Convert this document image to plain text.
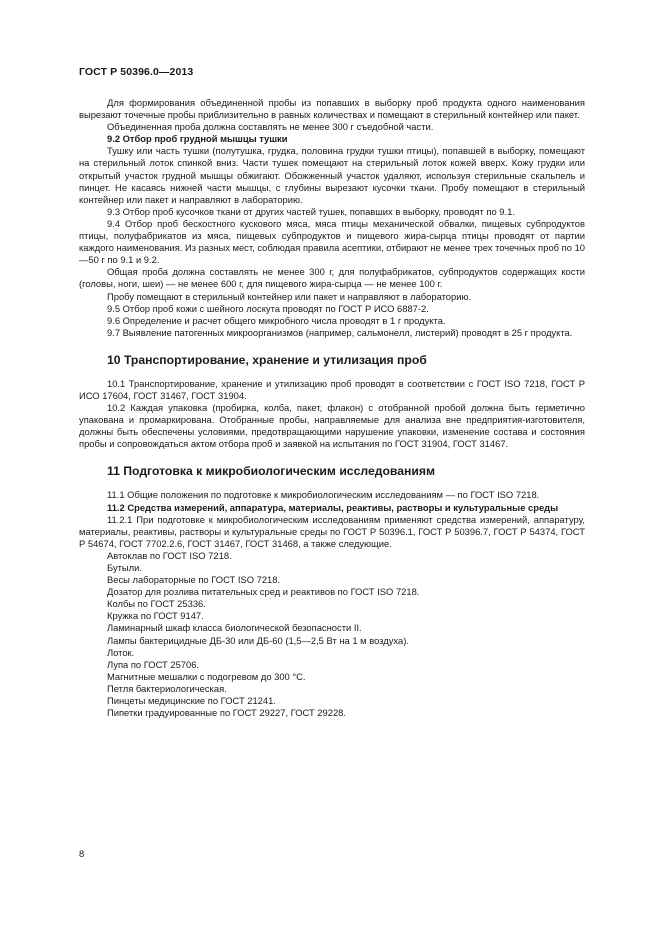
ГОСТ Р 50396.0—2013

Для формирования объединенной пробы из попавших в выборку проб продукта одного наименования вырезают точечные пробы приблизительно в равных количествах и помещают в стерильный контейнер или пакет.

Объединенная проба должна составлять не менее 300 г съедобной части.

9.2 Отбор проб грудной мышцы тушки

Тушку или часть тушки (полутушка, грудка, половина грудки тушки птицы), попавшей в выборку, помещают на стерильный лоток спинкой вниз. Части тушек помещают на стерильный лоток кожей вверх. Кожу грудки или открытый участок грудной мышцы обжигают. Обожженный участок удаляют, используя стерильные скальпель и пинцет. Не касаясь нижней части мышцы, с глубины вырезают кусочки ткани. Пробу помещают в стерильный контейнер или пакет и направляют в лабораторию.

9.3 Отбор проб кусочков ткани от других частей тушек, попавших в выборку, проводят по 9.1.

9.4 Отбор проб бескостного кускового мяса, мяса птицы механической обвалки, пищевых субпродуктов птицы, полуфабрикатов из мяса, пищевых субпродуктов и пищевого жира-сырца птицы проводят от партии каждого наименования. Из разных мест, соблюдая правила асептики, отбирают не менее трех точечных проб по 10—50 г по 9.1 и 9.2.

Общая проба должна составлять не менее 300 г, для полуфабрикатов, субпродуктов содержащих кости (головы, ноги, шеи) — не менее 600 г, для пищевого жира-сырца — не менее 100 г.

Пробу помещают в стерильный контейнер или пакет и направляют в лабораторию.

9.5 Отбор проб кожи с шейного лоскута проводят по ГОСТ Р ИСО 6887-2.

9.6 Определение и расчет общего микробного числа проводят в 1 г продукта.

9.7 Выявление патогенных микроорганизмов (например, сальмонелл, листерий) проводят в 25 г продукта.

10 Транспортирование, хранение и утилизация проб

10.1 Транспортирование, хранение и утилизацию проб проводят в соответствии с ГОСТ ISO 7218, ГОСТ Р ИСО 17604, ГОСТ 31467, ГОСТ 31904.

10.2 Каждая упаковка (пробирка, колба, пакет, флакон) с отобранной пробой должна быть герметично упакована и промаркирована. Отобранные пробы, направляемые для анализа вне предприятия-изготовителя, должны быть обеспечены условиями, предотвращающими нарушение упаковки, изменение состава и состояния пробы и сопровождаться актом отбора проб и заявкой на испытания по ГОСТ 31904, ГОСТ 31467.

11 Подготовка к микробиологическим исследованиям

11.1 Общие положения по подготовке к микробиологическим исследованиям — по ГОСТ ISO 7218.

11.2 Средства измерений, аппаратура, материалы, реактивы, растворы и культуральные среды

11.2.1 При подготовке к микробиологическим исследованиям применяют средства измерений, аппаратуру, материалы, реактивы, растворы и культуральные среды по ГОСТ Р 50396.1, ГОСТ Р 50396.7, ГОСТ Р 54374, ГОСТ Р 54674, ГОСТ 7702.2.6, ГОСТ 31467, ГОСТ 31468, а также следующие.

Автоклав по ГОСТ ISO 7218.

Бутыли.

Весы лабораторные по ГОСТ ISO 7218.

Дозатор для розлива питательных сред и реактивов по ГОСТ ISO 7218.

Колбы по ГОСТ 25336.

Кружка по ГОСТ 9147.

Ламинарный шкаф класса биологической безопасности II.

Лампы бактерицидные ДБ-30 или ДБ-60 (1,5—2,5 Вт на 1 м воздуха).

Лоток.

Лупа по ГОСТ 25706.

Магнитные мешалки с подогревом до 300 °С.

Петля бактериологическая.

Пинцеты медицинские по ГОСТ 21241.

Пипетки градуированные по ГОСТ 29227, ГОСТ 29228.

8
